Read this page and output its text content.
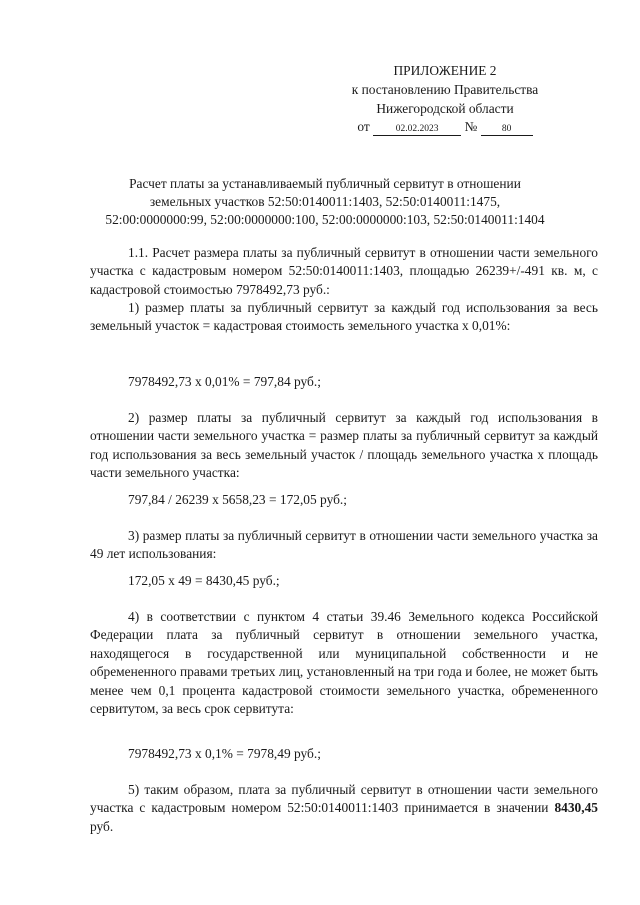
ПРИЛОЖЕНИЕ 2
к постановлению Правительства
Нижегородской области
от	02.02.2023 №	80
Расчет платы за устанавливаемый публичный сервитут в отношении
земельных участков 52:50:0140011:1403, 52:50:0140011:1475,
52:00:0000000:99, 52:00:0000000:100, 52:00:0000000:103, 52:50:0140011:1404

1.1. Расчет размера платы за публичный сервитут в отношении части земельного участка с кадастровым номером 52:50:0140011:1403, площадью 26239+/-491 кв. м, с кадастровой стоимостью 7978492,73 руб.:

1) размер платы за публичный сервитут за каждый год использования за весь земельный участок = кадастровая стоимость земельного участка х 0,01%:

7978492,73 х 0,01% = 797,84 руб.;

2) размер платы за публичный сервитут за каждый год использования в отношении части земельного участка = размер платы за публичный сервитут за каждый год использования за весь земельный участок / площадь земельного участка х площадь части земельного участка:

797,84 / 26239 х 5658,23 = 172,05 руб.;

3) размер платы за публичный сервитут в отношении части земельного участка за 49 лет использования:

172,05 х 49 = 8430,45 руб.;

4) в соответствии с пунктом 4 статьи 39.46 Земельного кодекса Российской Федерации плата за публичный сервитут в отношении земельного участка, находящегося в государственной или муниципальной собственности и не обремененного правами третьих лиц, установленный на три года и более, не может быть менее чем 0,1 процента кадастровой стоимости земельного участка, обремененного сервитутом, за весь срок сервитута:

7978492,73 х 0,1% = 7978,49 руб.;

5) таким образом, плата за публичный сервитут в отношении части земельного участка с кадастровым номером 52:50:0140011:1403 принимается в значении 8430,45 руб.
